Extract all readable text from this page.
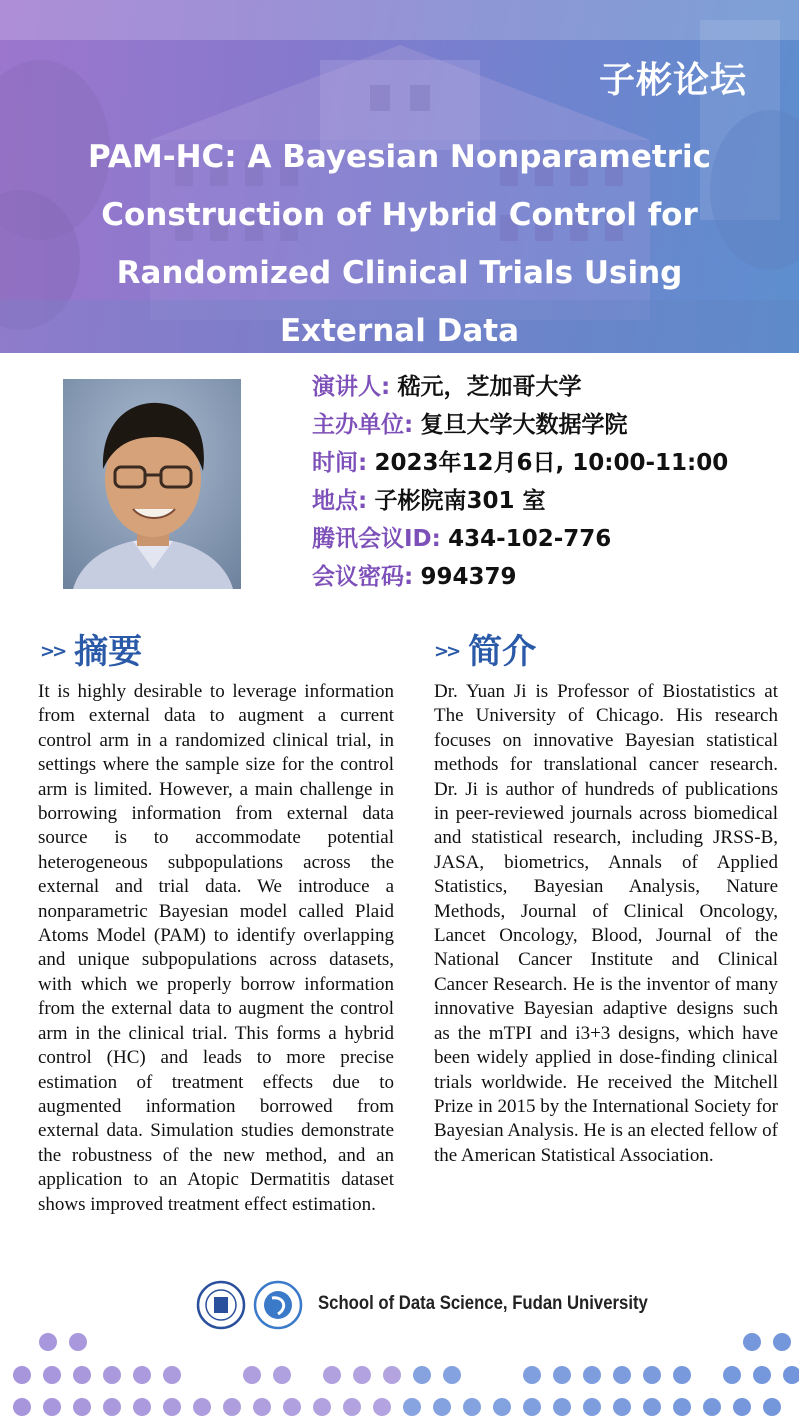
子彬论坛
PAM-HC: A Bayesian Nonparametric
Construction of Hybrid Control for
Randomized Clinical Trials Using
External Data
演讲人: 嵇元，芝加哥大学
主办单位: 复旦大学大数据学院
时间: 2023年12月6日, 10:00-11:00
地点: 子彬院南301 室
腾讯会议ID: 434-102-776
会议密码: 994379
>> 摘要	>> 简介

It is highly desirable to leverage information from external data to augment a current control arm in a randomized clinical trial, in settings where the sample size for the control arm is limited. However, a main challenge in borrowing information from external data source is to accommodate potential heterogeneous subpopulations across the external and trial data. We introduce a nonparametric Bayesian model called Plaid Atoms Model (PAM) to identify overlapping and unique subpopulations across datasets, with which we properly borrow information from the external data to augment the control arm in the clinical trial. This forms a hybrid control (HC) and leads to more precise estimation of treatment effects due to augmented information borrowed from external data. Simulation studies demonstrate the robustness of the new method, and an application to an Atopic Dermatitis dataset shows improved treatment effect estimation.

Dr. Yuan Ji is Professor of Biostatistics at The University of Chicago. His research focuses on innovative Bayesian statistical methods for translational cancer research. Dr. Ji is author of hundreds of publications in peer-reviewed journals across biomedical and statistical research, including JRSS-B, JASA, biometrics, Annals of Applied Statistics, Bayesian Analysis, Nature Methods, Journal of Clinical Oncology, Lancet Oncology, Blood, Journal of the National Cancer Institute and Clinical Cancer Research. He is the inventor of many innovative Bayesian adaptive designs such as the mTPI and i3+3 designs, which have been widely applied in dose-finding clinical trials worldwide. He received the Mitchell Prize in 2015 by the International Society for Bayesian Analysis. He is an elected fellow of the American Statistical Association.

School of Data Science, Fudan University
